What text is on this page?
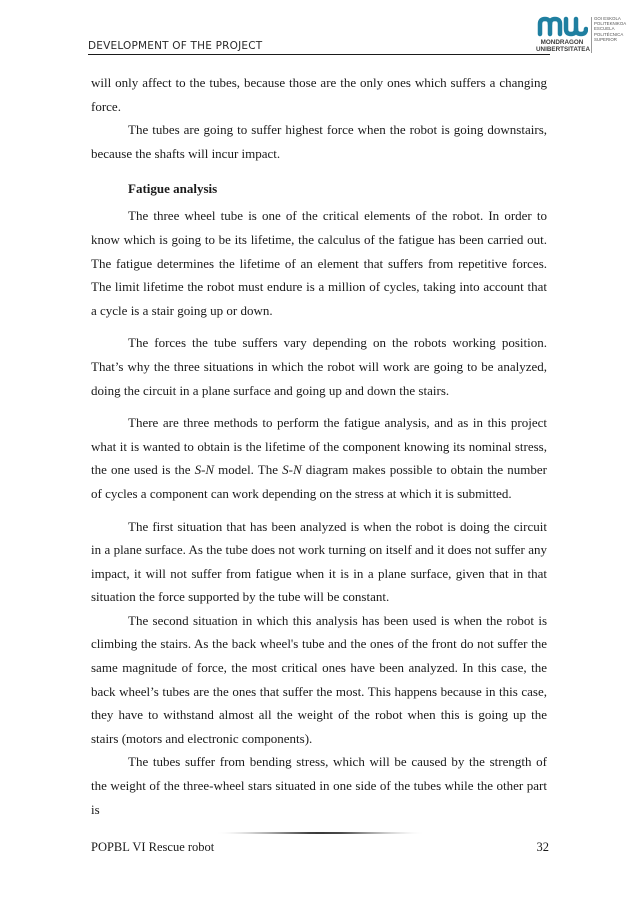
DEVELOPMENT OF THE PROJECT	MONDRAGON
UNIBERTSITATEA
GOI ESKOLA
POLITEKNIKOA
ESCUELA
POLITÉCNICA
SUPERIOR

will only affect to the tubes, because those are the only ones which suffers a changing force.

The tubes are going to suffer highest force when the robot is going downstairs, because the shafts will incur impact.

Fatigue analysis

The three wheel tube is one of the critical elements of the robot. In order to know which is going to be its lifetime, the calculus of the fatigue has been carried out. The fatigue determines the lifetime of an element that suffers from repetitive forces. The limit lifetime the robot must endure is a million of cycles, taking into account that a cycle is a stair going up or down.

The forces the tube suffers vary depending on the robots working position. That’s why the three situations in which the robot will work are going to be analyzed, doing the circuit in a plane surface and going up and down the stairs.

There are three methods to perform the fatigue analysis, and as in this project what it is wanted to obtain is the lifetime of the component knowing its nominal stress, the one used is the S-N model. The S-N diagram makes possible to obtain the number of cycles a component can work depending on the stress at which it is submitted.

The first situation that has been analyzed is when the robot is doing the circuit in a plane surface. As the tube does not work turning on itself and it does not suffer any impact, it will not suffer from fatigue when it is in a plane surface, given that in that situation the force supported by the tube will be constant.

The second situation in which this analysis has been used is when the robot is climbing the stairs. As the back wheel's tube and the ones of the front do not suffer the same magnitude of force, the most critical ones have been analyzed. In this case, the back wheel’s tubes are the ones that suffer the most. This happens because in this case, they have to withstand almost all the weight of the robot when this is going up the stairs (motors and electronic components).

The tubes suffer from bending stress, which will be caused by the strength of the weight of the three-wheel stars situated in one side of the tubes while the other part is

POPBL VI Rescue robot	32
